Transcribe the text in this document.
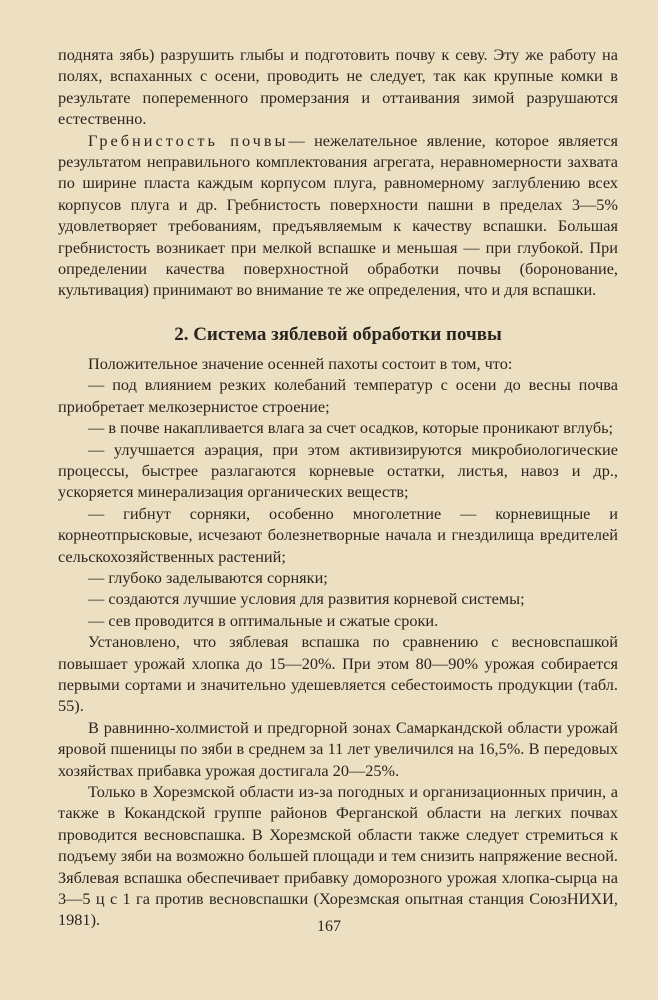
поднята зябь) разрушить глыбы и подготовить почву к севу. Эту же работу на полях, вспаханных с осени, проводить не следует, так как крупные комки в результате попеременного промерзания и оттаивания зимой разрушаются естественно.

Гребнистость почвы— нежелательное явление, которое является результатом неправильного комплектования агрегата, неравномерности захвата по ширине пласта каждым корпусом плуга, равномерному заглублению всех корпусов плуга и др. Гребнистость поверхности пашни в пределах 3—5% удовлетворяет требованиям, предъявляемым к качеству вспашки. Большая гребнистость возникает при мелкой вспашке и меньшая — при глубокой. При определении качества поверхностной обработки почвы (боронование, культивация) принимают во внимание те же определения, что и для вспашки.

2. Система зяблевой обработки почвы

Положительное значение осенней пахоты состоит в том, что:

— под влиянием резких колебаний температур с осени до весны почва приобретает мелкозернистое строение;

— в почве накапливается влага за счет осадков, которые проникают вглубь;

— улучшается аэрация, при этом активизируются микробиологические процессы, быстрее разлагаются корневые остатки, листья, навоз и др., ускоряется минерализация органических веществ;

— гибнут сорняки, особенно многолетние — корневищные и корнеотпрысковые, исчезают болезнетворные начала и гнездилища вредителей сельскохозяйственных растений;

— глубоко заделываются сорняки;

— создаются лучшие условия для развития корневой системы;

— сев проводится в оптимальные и сжатые сроки.

Установлено, что зяблевая вспашка по сравнению с весновспашкой повышает урожай хлопка до 15—20%. При этом 80—90% урожая собирается первыми сортами и значительно удешевляется себестоимость продукции (табл. 55).

В равнинно-холмистой и предгорной зонах Самаркандской области урожай яровой пшеницы по зяби в среднем за 11 лет увеличился на 16,5%. В передовых хозяйствах прибавка урожая достигала 20—25%.

Только в Хорезмской области из-за погодных и организационных причин, а также в Кокандской группе районов Ферганской области на легких почвах проводится весновспашка. В Хорезмской области также следует стремиться к подъему зяби на возможно большей площади и тем снизить напряжение весной. Зяблевая вспашка обеспечивает прибавку доморозного урожая хлопка-сырца на 3—5 ц с 1 га против весновспашки (Хорезмская опытная станция СоюзНИХИ, 1981).	167
